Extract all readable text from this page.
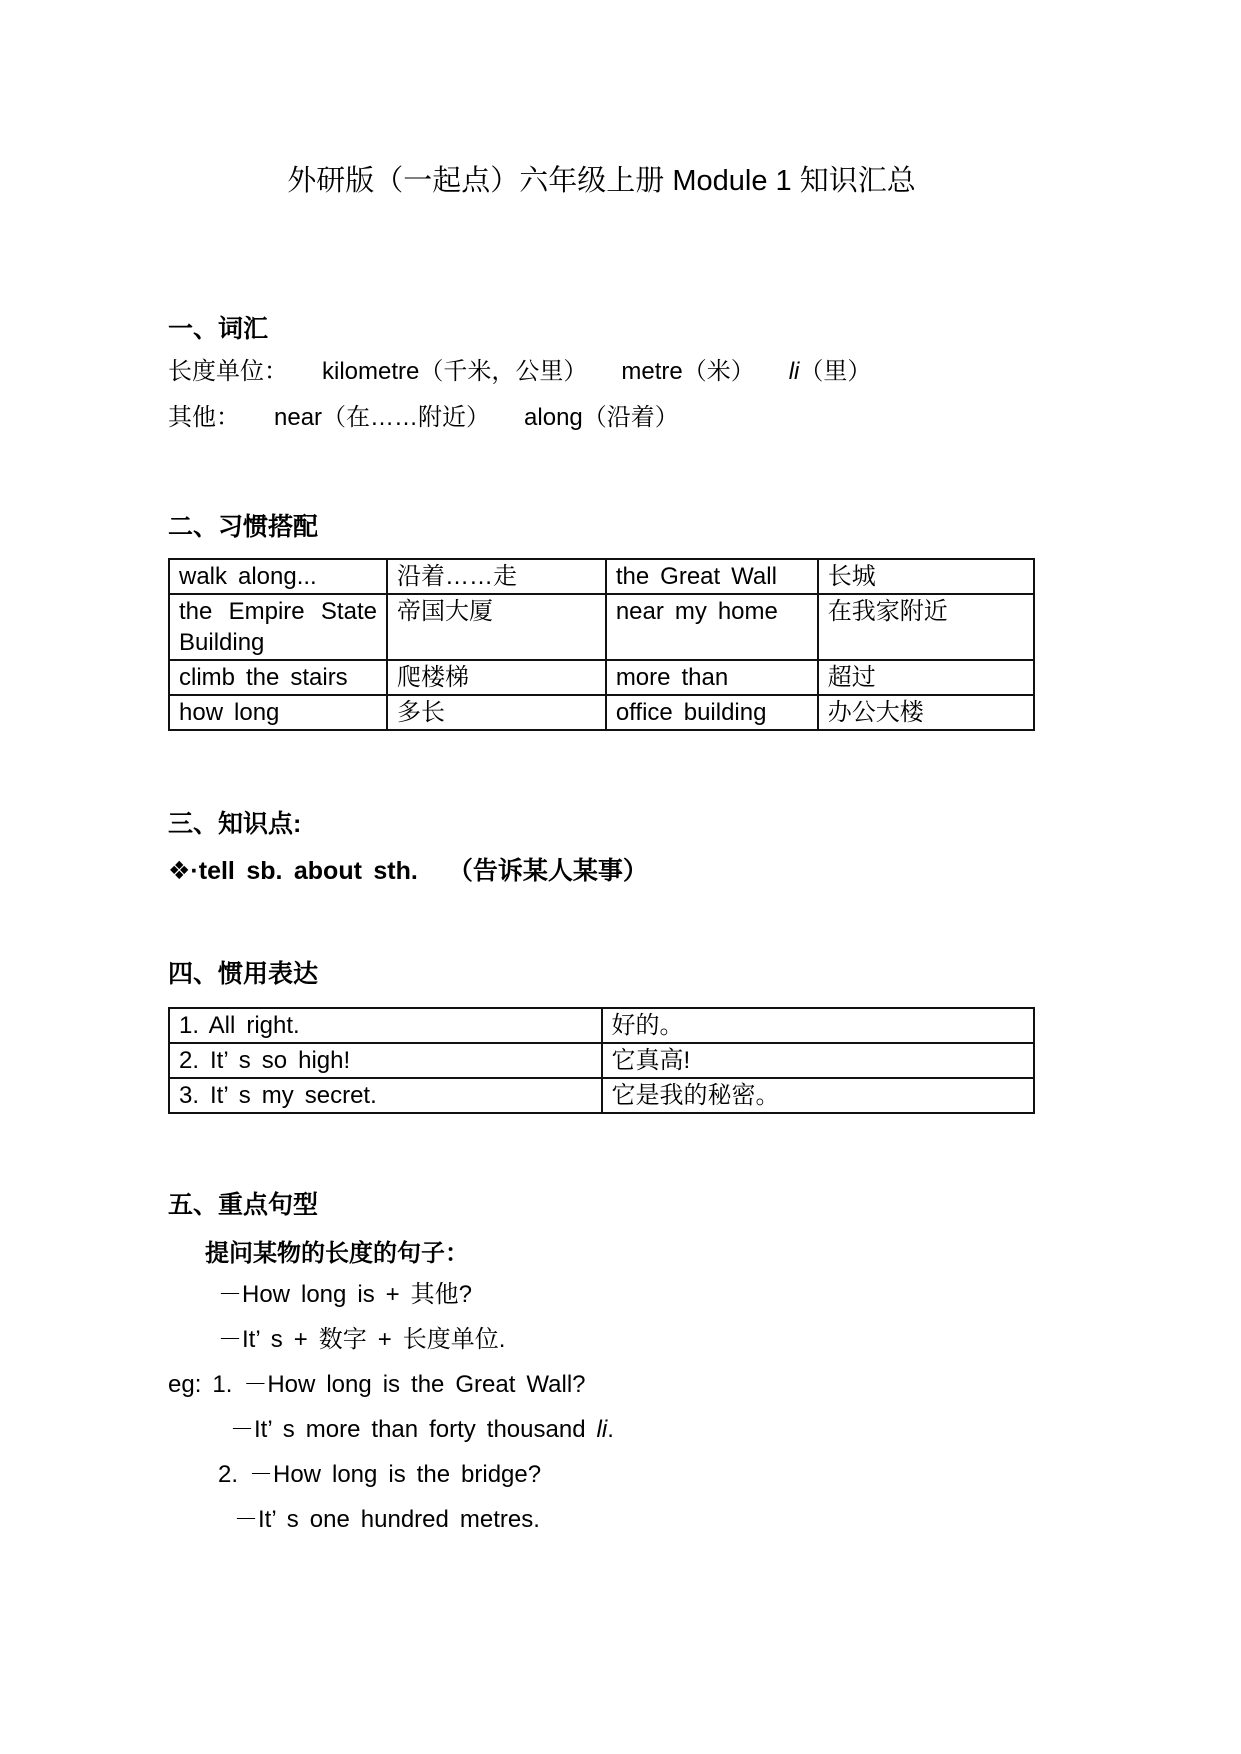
外研版（一起点）六年级上册 Module 1 知识汇总
一、词汇
长度单位： kilometre（千米，公里） metre（米） li（里）
其他： near（在……附近） along（沿着）
二、习惯搭配
walk along...	沿着……走	the Great Wall	长城
the Empire State Building	帝国大厦	near my home	在我家附近
climb the stairs	爬楼梯	more than	超过
how long	多长	office building	办公大楼
三、知识点:
❖·tell sb. about sth. （告诉某人某事）
四、惯用表达
1. All right.	好的。
2. It’ s so high!	它真高!
3. It’ s my secret.	它是我的秘密。
五、重点句型
提问某物的长度的句子：
－How long is + 其他?
－It’ s + 数字 + 长度单位.
eg: 1. －How long is the Great Wall?
－It’ s more than forty thousand li.
2. －How long is the bridge?
－It’ s one hundred metres.
